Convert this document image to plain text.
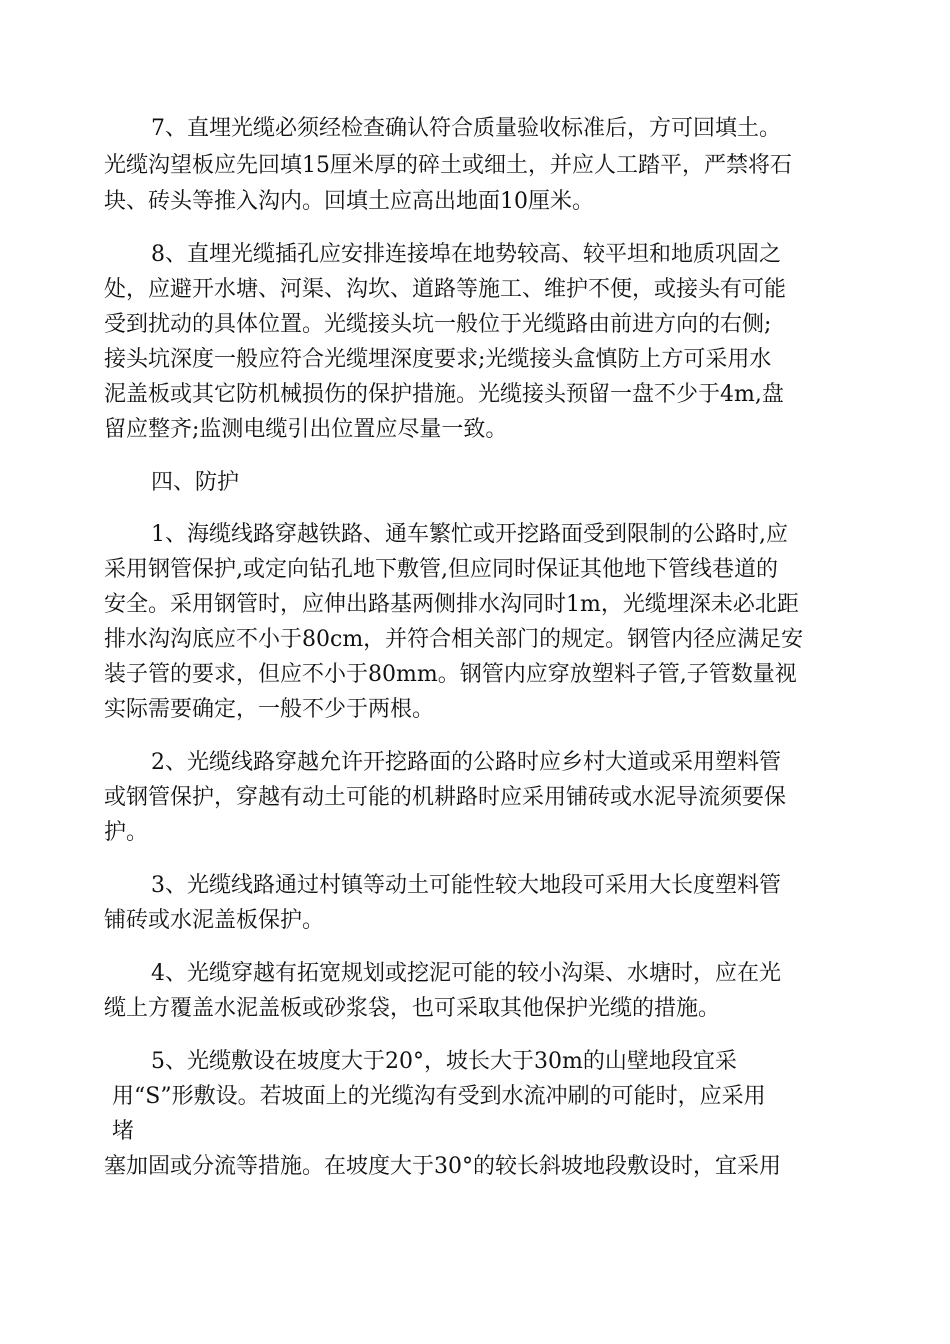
7、直埋光缆必须经检查确认符合质量验收标准后，方可回填土。
光缆沟望板应先回填15厘米厚的碎土或细土，并应人工踏平，严禁将石
块、砖头等推入沟内。回填土应高出地面10厘米。
8、直埋光缆插孔应安排连接埠在地势较高、较平坦和地质巩固之
处，应避开水塘、河渠、沟坎、道路等施工、维护不便，或接头有可能
受到扰动的具体位置。光缆接头坑一般位于光缆路由前进方向的右侧;
接头坑深度一般应符合光缆埋深度要求;光缆接头盒慎防上方可采用水
泥盖板或其它防机械损伤的保护措施。光缆接头预留一盘不少于4m,盘
留应整齐;监测电缆引出位置应尽量一致。
四、防护
1、海缆线路穿越铁路、通车繁忙或开挖路面受到限制的公路时,应
采用钢管保护,或定向钻孔地下敷管,但应同时保证其他地下管线巷道的
安全。采用钢管时，应伸出路基两侧排水沟同时1m，光缆埋深未必北距
排水沟沟底应不小于80cm，并符合相关部门的规定。钢管内径应满足安
装子管的要求，但应不小于80mm。钢管内应穿放塑料子管,子管数量视
实际需要确定，一般不少于两根。
2、光缆线路穿越允许开挖路面的公路时应乡村大道或采用塑料管
或钢管保护，穿越有动土可能的机耕路时应采用铺砖或水泥导流须要保
护。
3、光缆线路通过村镇等动土可能性较大地段可采用大长度塑料管
铺砖或水泥盖板保护。
4、光缆穿越有拓宽规划或挖泥可能的较小沟渠、水塘时，应在光
缆上方覆盖水泥盖板或砂浆袋，也可采取其他保护光缆的措施。
5、光缆敷设在坡度大于20°，坡长大于30m的山壁地段宜采
用“S”形敷设。若坡面上的光缆沟有受到水流冲刷的可能时，应采用
堵
塞加固或分流等措施。在坡度大于30°的较长斜坡地段敷设时，宜采用
